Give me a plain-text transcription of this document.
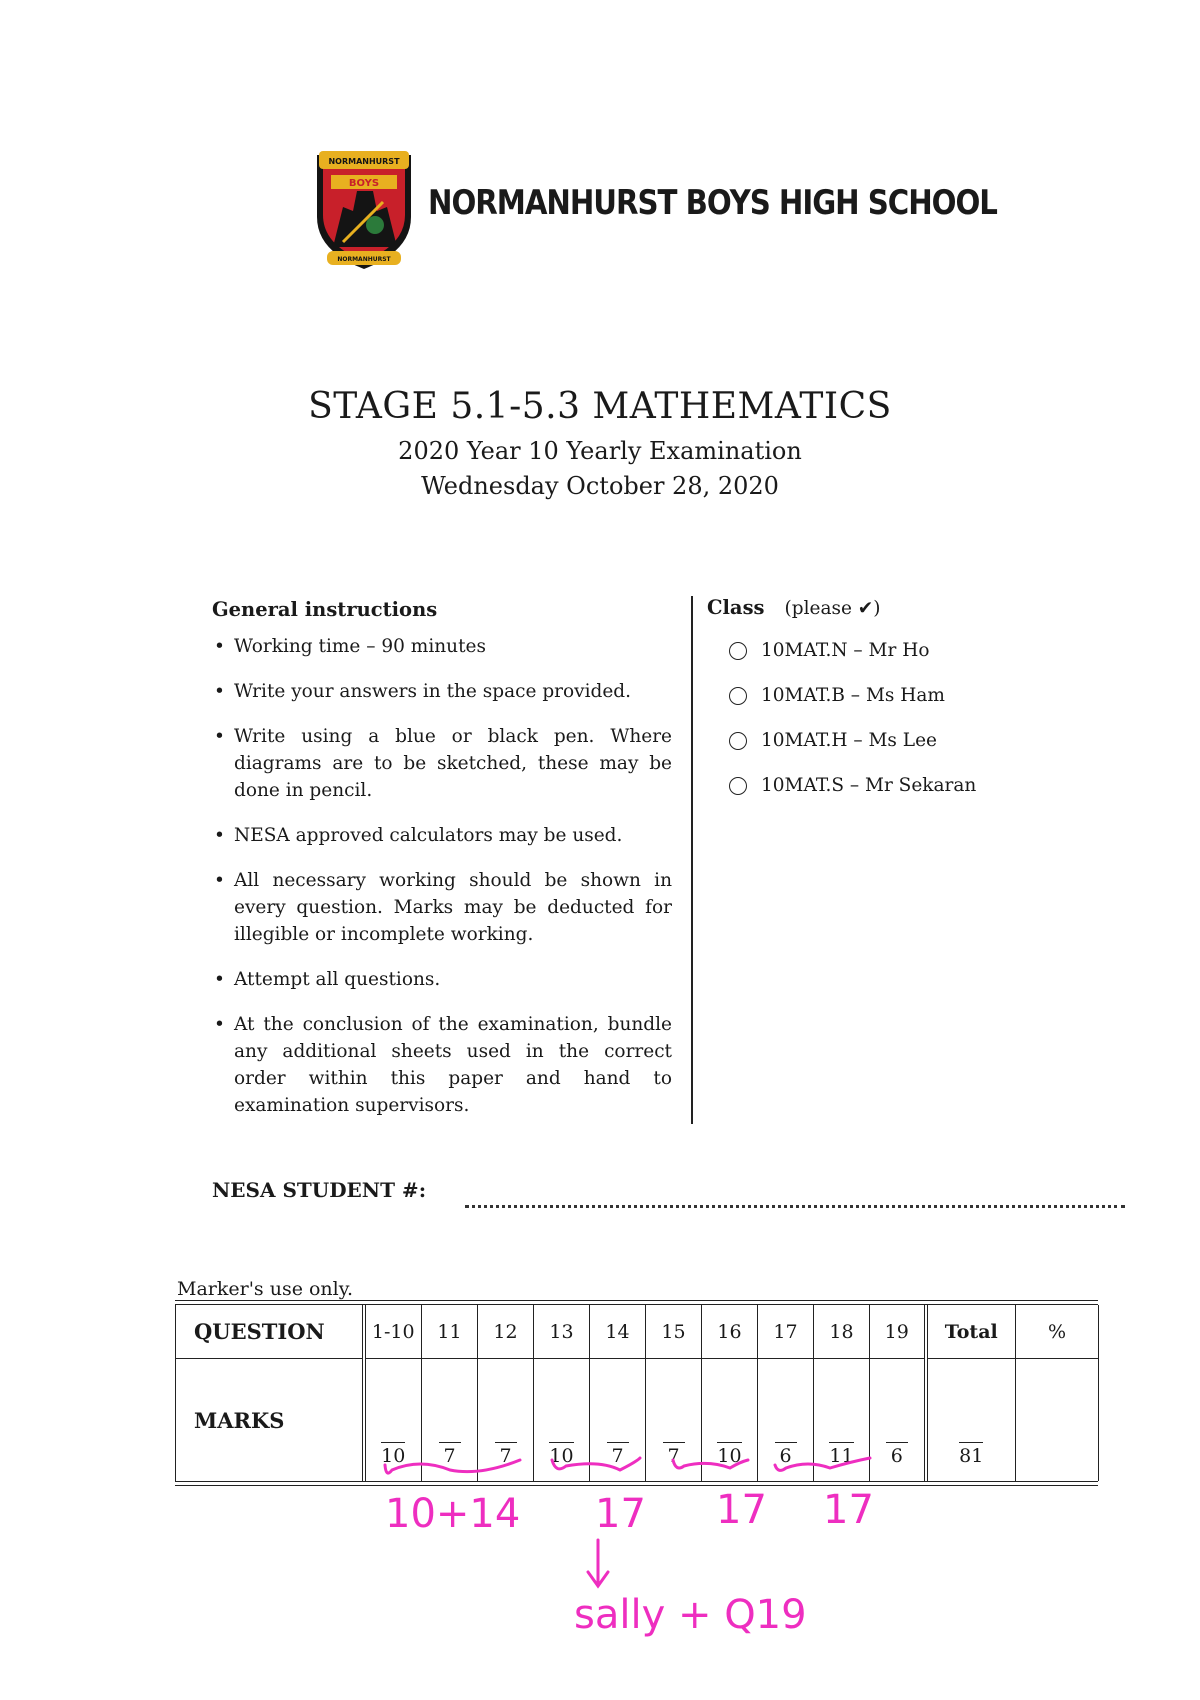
NORMANHURST
BOYS
NORMANHURST
NORMANHURST BOYS HIGH SCHOOL
STAGE 5.1-5.3 MATHEMATICS
2020 Year 10 Yearly Examination
Wednesday October 28, 2020
General instructions
• Working time – 90 minutes
• Write your answers in the space provided.
• Write using a blue or black pen. Where diagrams are to be sketched, these may be done in pencil.
• NESA approved calculators may be used.
• All necessary working should be shown in every question. Marks may be deducted for illegible or incomplete working.
• Attempt all questions.
• At the conclusion of the examination, bundle any additional sheets used in the correct order within this paper and hand to examination supervisors.
Class (please ✔)
10MAT.N – Mr Ho
10MAT.B – Ms Ham
10MAT.H – Ms Lee
10MAT.S – Mr Sekaran
NESA STUDENT #:
Marker's use only.
QUESTION	1-10	11	12	13	14	15	16	17	18	19	Total	%
MARKS	10	7	7	10	7	7	10	6	11	6	81	
10+14 17 17 17
sally + Q19
